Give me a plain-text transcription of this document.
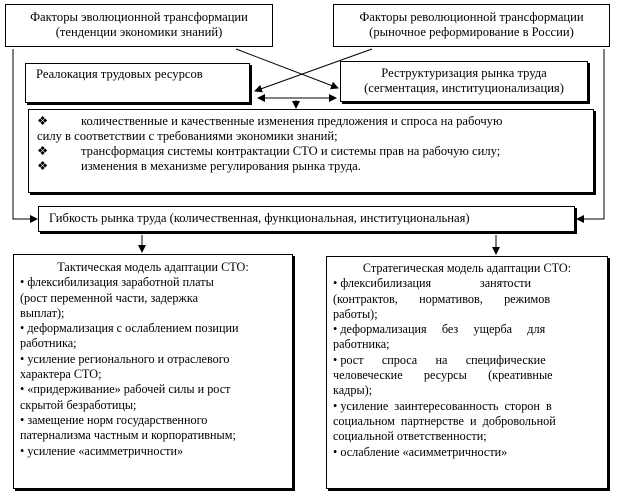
Факторы эволюционной трансформации
(тенденции экономики знаний)
Факторы революционной трансформации
(рыночное реформирование в России)
Реалокация трудовых ресурсов	Реструктуризация рынка труда
(сегментация, институционализация)
❖	количественные и качественные изменения предложения и спроса на рабочую
силу в соответствии с требованиями экономики знаний;
❖	трансформация системы контрактации СТО и системы прав на рабочую силу;
❖	изменения в механизме регулирования рынка труда.
Гибкость рынка труда (количественная, функциональная, институциональная)
Тактическая модель адаптации СТО:
• флексибилизация заработной платы
(рост переменной части, задержка
выплат);
• деформализация с ослаблением позиции
работника;
• усиление регионального и отраслевого
характера СТО;
• «придерживание» рабочей силы и рост
скрытой безработицы;
• замещение норм государственного
патернализма частным и корпоративным;
• усиление «асимметричности»
Стратегическая модель адаптации СТО:
• флексибилизация                занятости
(контрактов,       нормативов,       режимов
работы);
• деформализация     без     ущерба     для
работника;
• рост      спроса      на      специфические
человеческие       ресурсы       (креативные
кадры);
• усиление  заинтересованность  сторон  в
социальном  партнерстве  и  добровольной
социальной ответственности;
• ослабление «асимметричности»
